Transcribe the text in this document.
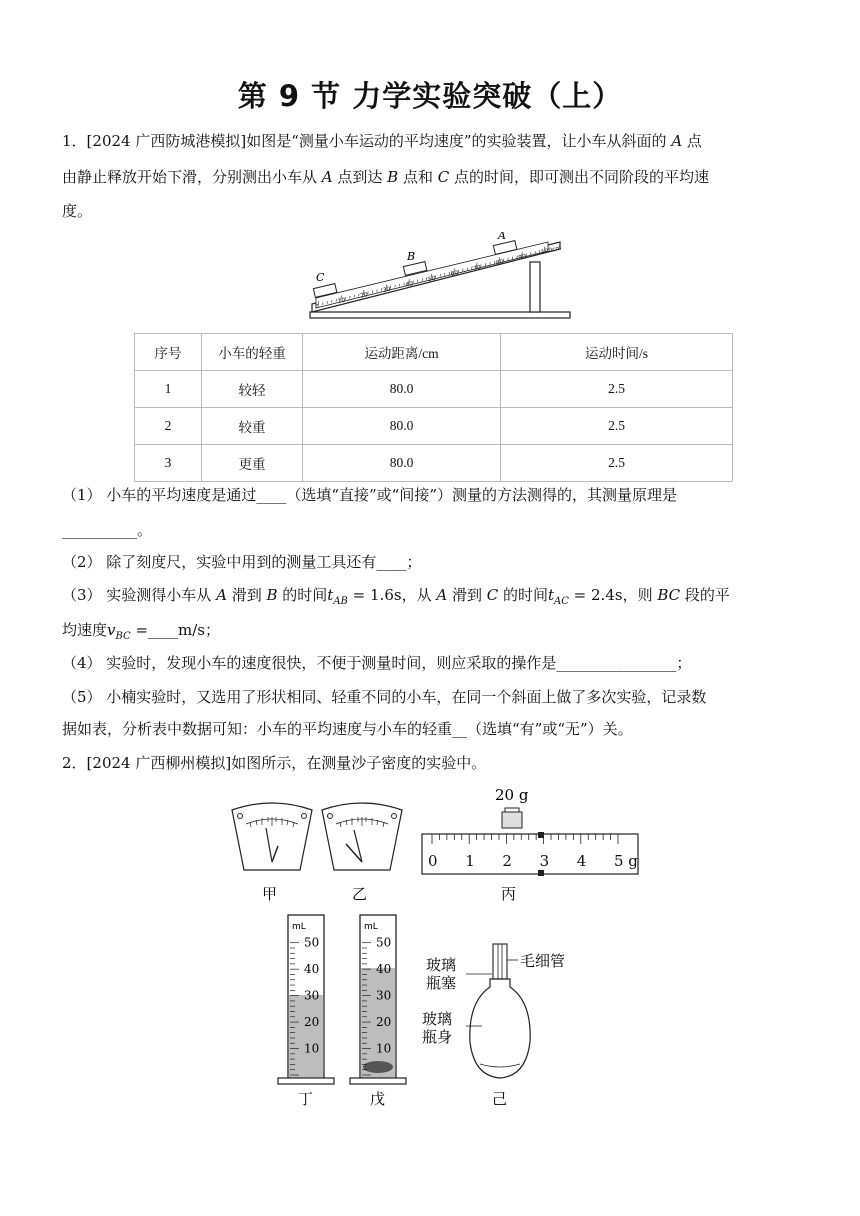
第 9 节 力学实验突破（上）
1．[2024 广西防城港模拟]如图是“测量小车运动的平均速度”的实验装置，让小车从斜面的 A 点
由静止释放开始下滑，分别测出小车从 A 点到达 B 点和 C 点的时间，即可测出不同阶段的平均速
度。
0
10
20
30
40
50
60
70
80
90
100cm
C
B
A
序号	小车的轻重	运动距离/cm	运动时间/s
1	较轻	80.0	2.5
2	较重	80.0	2.5
3	更重	80.0	2.5
（1） 小车的平均速度是通过____（选填“直接”或“间接”）测量的方法测得的，其测量原理是
__________。
（2） 除了刻度尺，实验中用到的测量工具还有____；
（3） 实验测得小车从 A 滑到 B 的时间$t_{AB} = 1.6s$，从 A 滑到 C 的时间$t_{AC} = 2.4s$，则 BC 段的平
均速度$v_{BC}$ =____m/s；
（4） 实验时，发现小车的速度很快，不便于测量时间，则应采取的操作是________________；
（5） 小楠实验时，又选用了形状相同、轻重不同的小车，在同一个斜面上做了多次实验，记录数
据如表，分析表中数据可知：小车的平均速度与小车的轻重__（选填“有”或“无”）关。
2．[2024 广西柳州模拟]如图所示，在测量沙子密度的实验中。
20 g
0 1 2 3 4 5 g
甲	乙	丙
mL
50
40
30
20
10
mL
50
40
30
20
10
毛细管
玻璃
瓶塞
玻璃
瓶身
丁	戊	己
